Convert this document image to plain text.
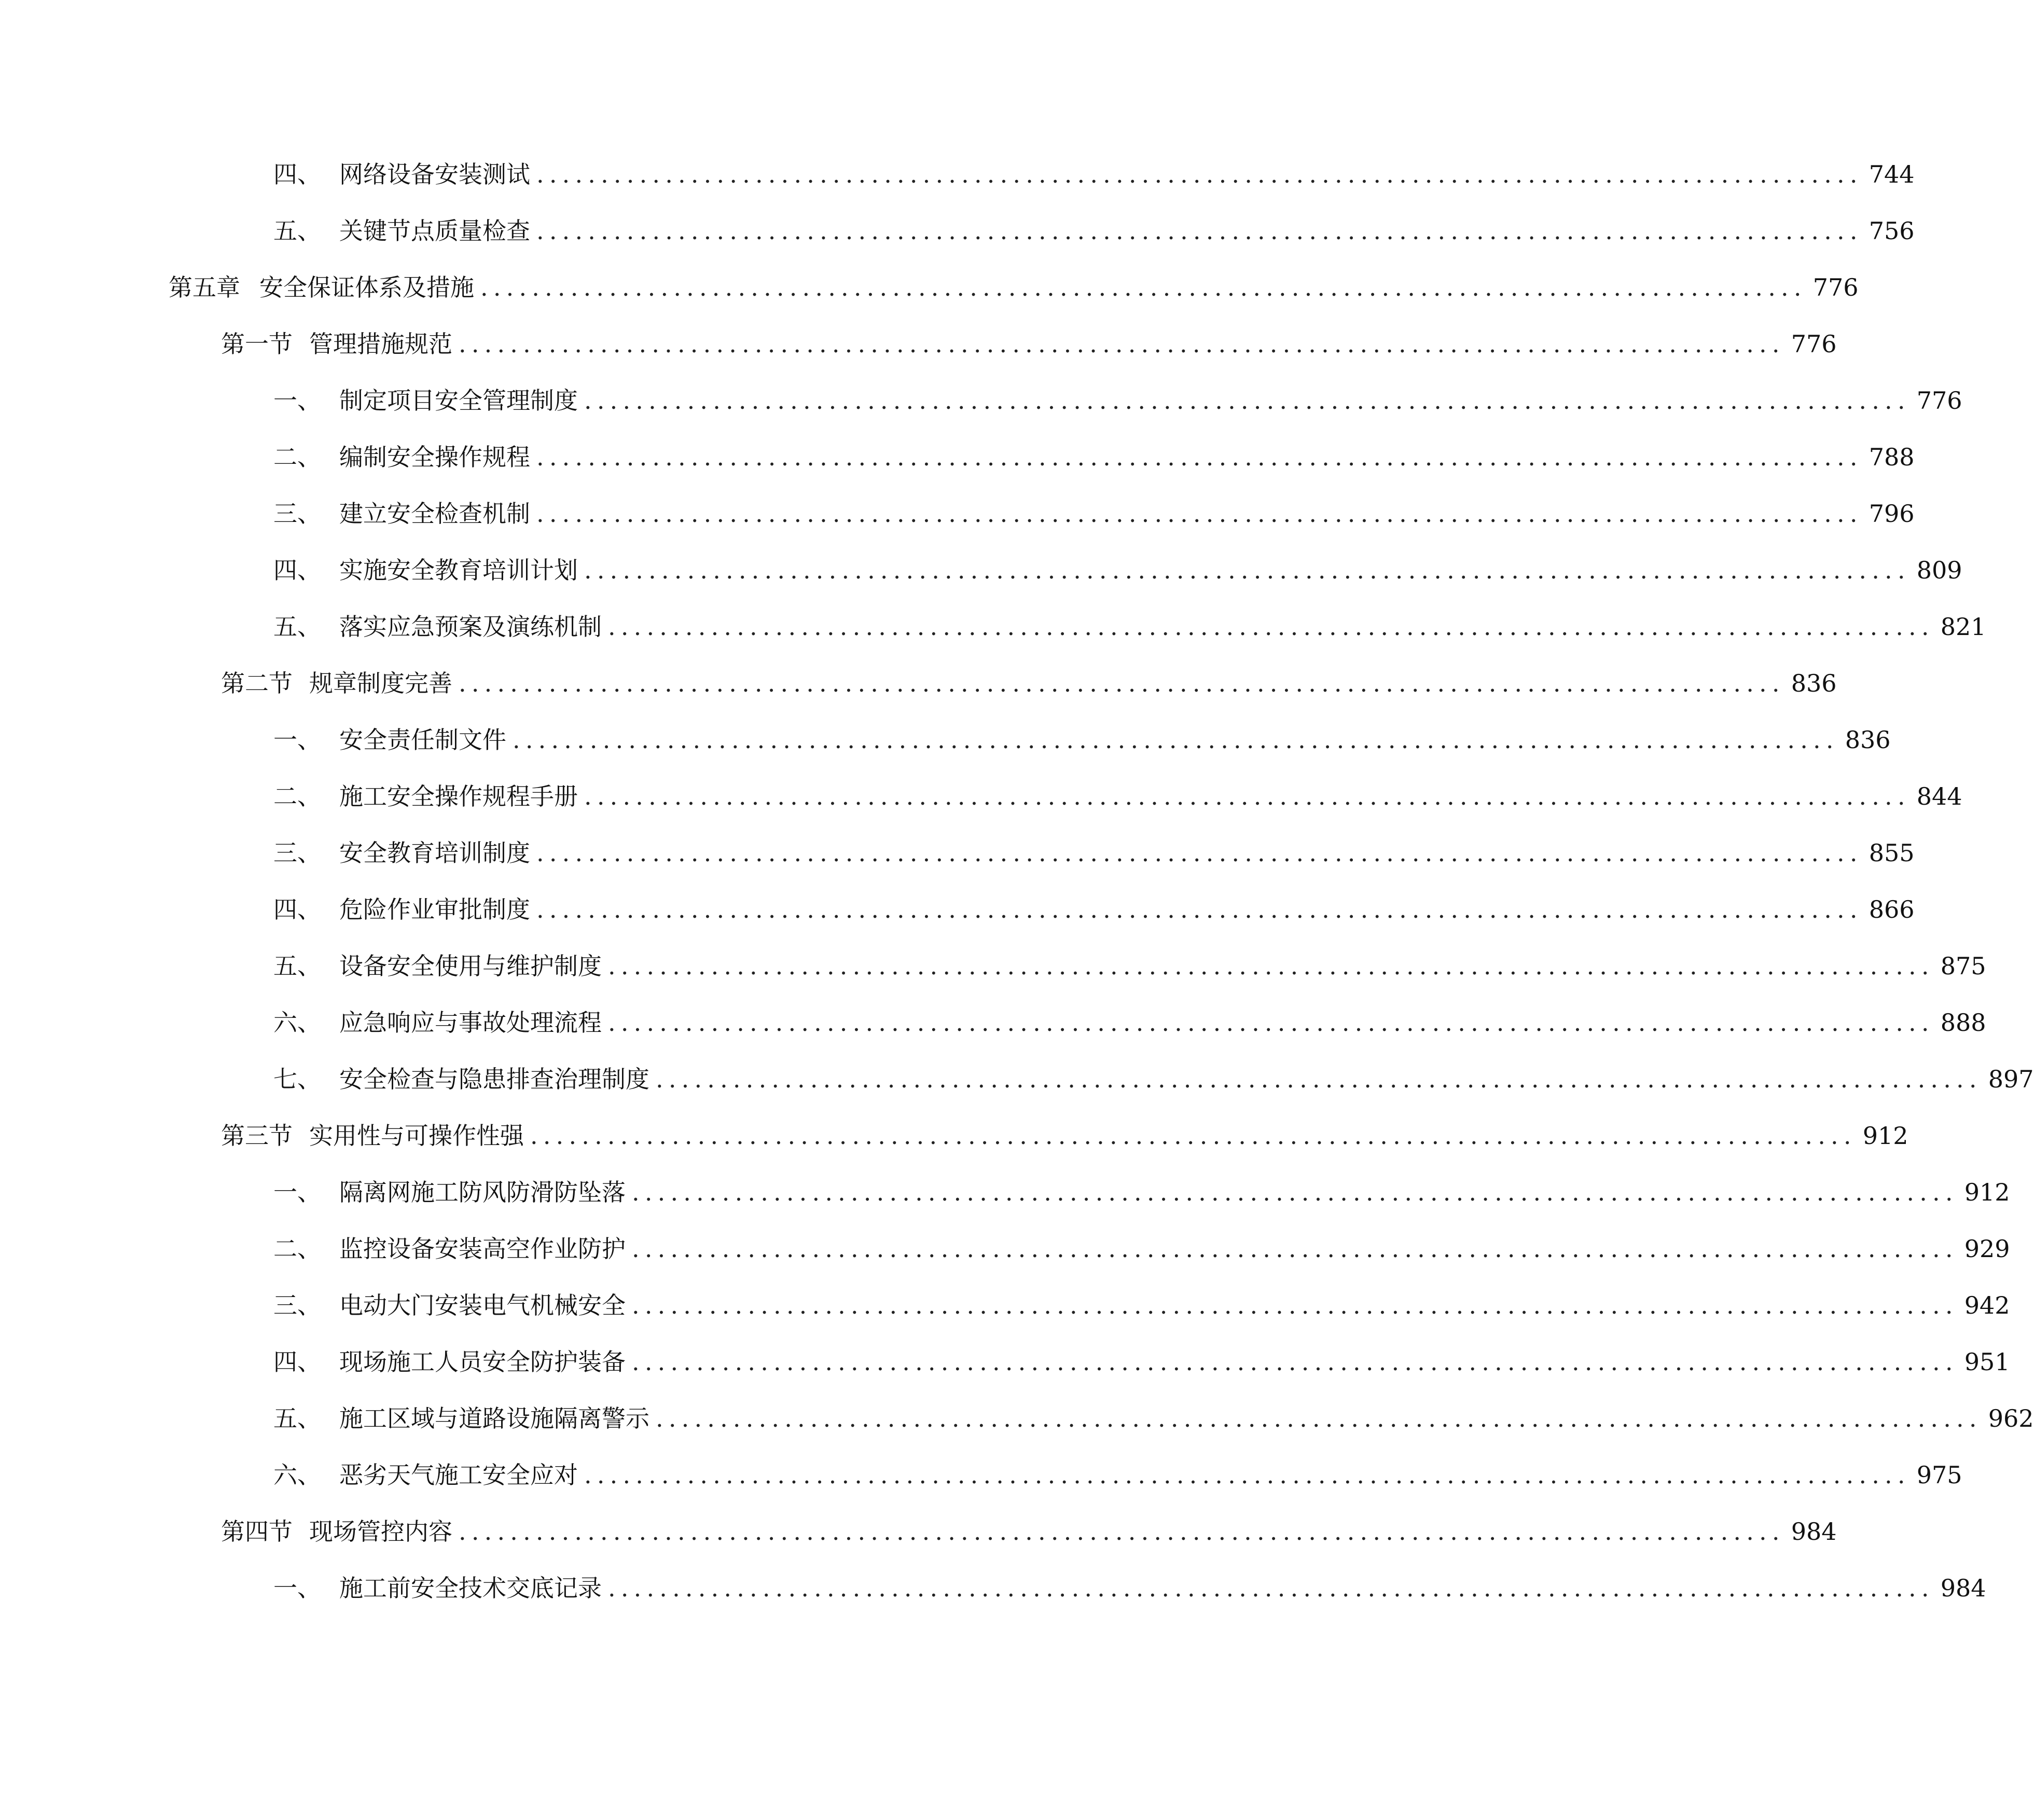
四、 网络设备安装测试 ....................................................................................................... 744
五、 关键节点质量检查 ....................................................................................................... 756
第五章 安全保证体系及措施 ....................................................................................................... 776
第一节 管理措施规范 ....................................................................................................... 776
一、 制定项目安全管理制度 ....................................................................................................... 776
二、 编制安全操作规程 ....................................................................................................... 788
三、 建立安全检查机制 ....................................................................................................... 796
四、 实施安全教育培训计划 ....................................................................................................... 809
五、 落实应急预案及演练机制 ....................................................................................................... 821
第二节 规章制度完善 ....................................................................................................... 836
一、 安全责任制文件 ....................................................................................................... 836
二、 施工安全操作规程手册 ....................................................................................................... 844
三、 安全教育培训制度 ....................................................................................................... 855
四、 危险作业审批制度 ....................................................................................................... 866
五、 设备安全使用与维护制度 ....................................................................................................... 875
六、 应急响应与事故处理流程 ....................................................................................................... 888
七、 安全检查与隐患排查治理制度 ....................................................................................................... 897
第三节 实用性与可操作性强 ....................................................................................................... 912
一、 隔离网施工防风防滑防坠落 ....................................................................................................... 912
二、 监控设备安装高空作业防护 ....................................................................................................... 929
三、 电动大门安装电气机械安全 ....................................................................................................... 942
四、 现场施工人员安全防护装备 ....................................................................................................... 951
五、 施工区域与道路设施隔离警示 ....................................................................................................... 962
六、 恶劣天气施工安全应对 ....................................................................................................... 975
第四节 现场管控内容 ....................................................................................................... 984
一、 施工前安全技术交底记录 ....................................................................................................... 984
